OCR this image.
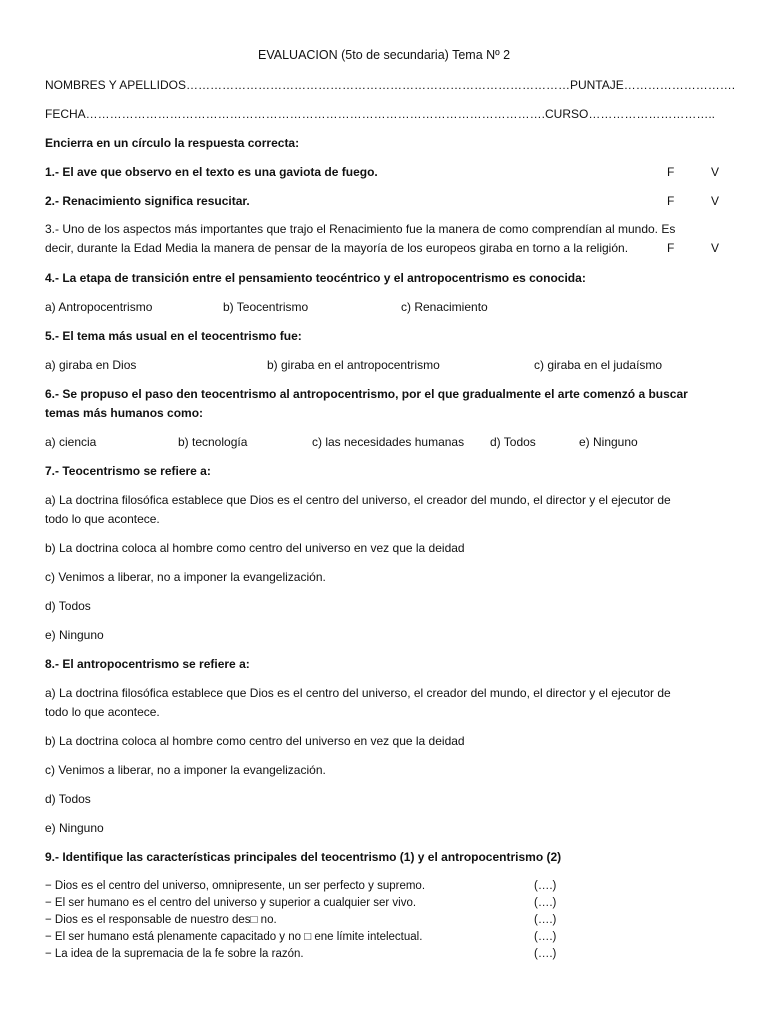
EVALUACION (5to de secundaria) Tema Nº 2
NOMBRES Y APELLIDOS……………………………………………………………………………………PUNTAJE……………………….
FECHA…………………………………………………………………………………………………….CURSO…………………………..
Encierra en un círculo la respuesta correcta:
1.- El ave que observo en el texto es una gaviota de fuego.	F	V
2.- Renacimiento significa resucitar.	F	V
3.- Uno de los aspectos más importantes que trajo el Renacimiento fue la manera de como comprendían al mundo. Es
decir, durante la Edad Media la manera de pensar de la mayoría de los europeos giraba en torno a la religión.	F	V
4.- La etapa de transición entre el pensamiento teocéntrico y el antropocentrismo es conocida:
a) Antropocentrismo	b) Teocentrismo	c) Renacimiento
5.- El tema más usual en el teocentrismo fue:
a) giraba en Dios	b) giraba en el antropocentrismo	c) giraba en el judaísmo
6.- Se propuso el paso den teocentrismo al antropocentrismo, por el que gradualmente el arte comenzó a buscar
temas más humanos como:
a) ciencia	b) tecnología	c) las necesidades humanas d) Todos	e) Ninguno
7.- Teocentrismo se refiere a:
a) La doctrina filosófica establece que Dios es el centro del universo, el creador del mundo, el director y el ejecutor de
todo lo que acontece.
b) La doctrina coloca al hombre como centro del universo en vez que la deidad
c) Venimos a liberar, no a imponer la evangelización.
d) Todos
e) Ninguno
8.- El antropocentrismo se refiere a:
a) La doctrina filosófica establece que Dios es el centro del universo, el creador del mundo, el director y el ejecutor de
todo lo que acontece.
b) La doctrina coloca al hombre como centro del universo en vez que la deidad
c) Venimos a liberar, no a imponer la evangelización.
d) Todos
e) Ninguno
9.- Identifique las características principales del teocentrismo (1) y el antropocentrismo (2)
− Dios es el centro del universo, omnipresente, un ser perfecto y supremo.	(….)
− El ser humano es el centro del universo y superior a cualquier ser vivo.	(….)
− Dios es el responsable de nuestro des□ no.	(….)
− El ser humano está plenamente capacitado y no □ ene límite intelectual.	(….)
− La idea de la supremacia de la fe sobre la razón.	(….)
